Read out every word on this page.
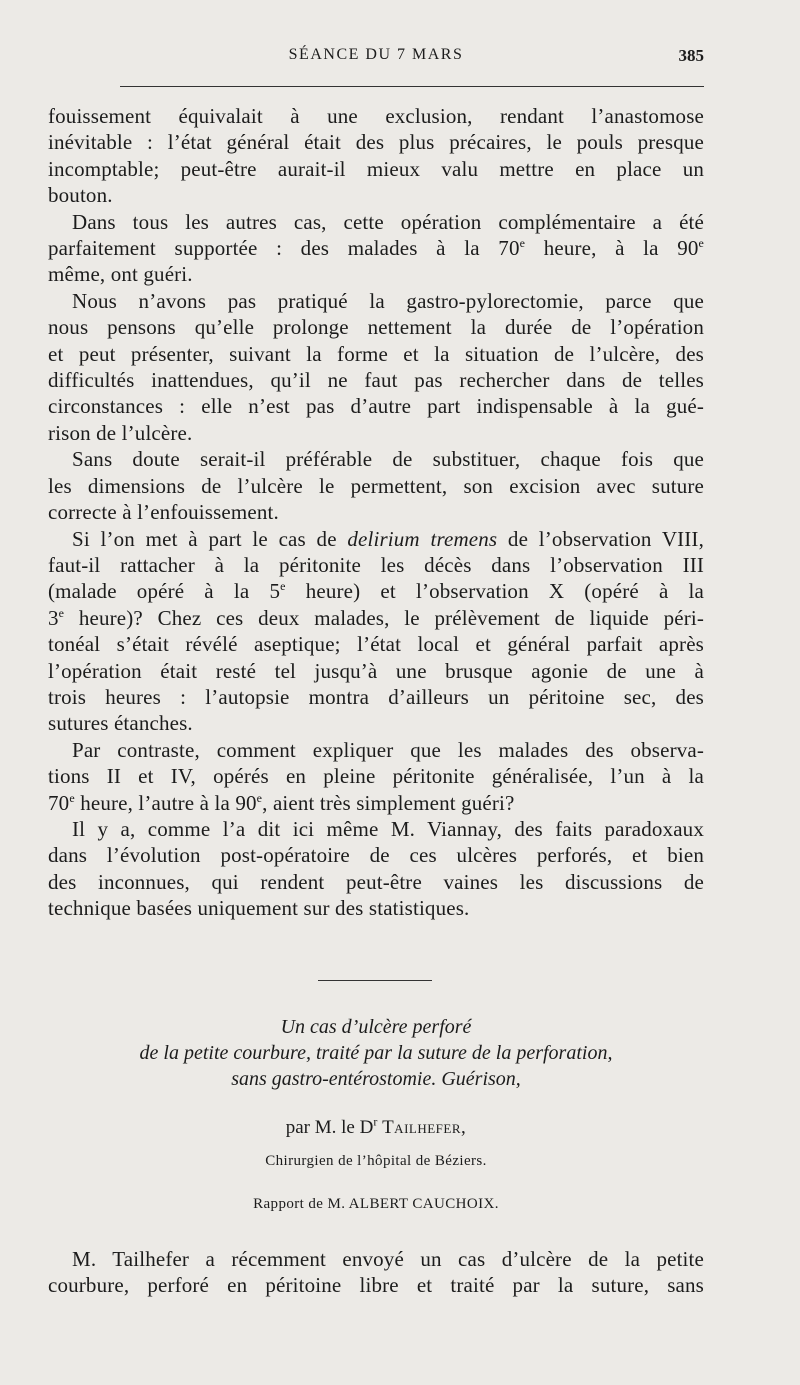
SÉANCE DU 7 MARS	385

fouissement équivalait à une exclusion, rendant l’anastomose
inévitable : l’état général était des plus précaires, le pouls presque
incomptable; peut-être aurait-il mieux valu mettre en place un
bouton.

Dans tous les autres cas, cette opération complémentaire a été
parfaitement supportée : des malades à la 70e heure, à la 90e
même, ont guéri.

Nous n’avons pas pratiqué la gastro-pylorectomie, parce que
nous pensons qu’elle prolonge nettement la durée de l’opération
et peut présenter, suivant la forme et la situation de l’ulcère, des
difficultés inattendues, qu’il ne faut pas rechercher dans de telles
circonstances : elle n’est pas d’autre part indispensable à la gué-
rison de l’ulcère.

Sans doute serait-il préférable de substituer, chaque fois que
les dimensions de l’ulcère le permettent, son excision avec suture
correcte à l’enfouissement.

Si l’on met à part le cas de delirium tremens de l’observation VIII,
faut-il rattacher à la péritonite les décès dans l’observation III
(malade opéré à la 5e heure) et l’observation X (opéré à la
3e heure)? Chez ces deux malades, le prélèvement de liquide péri-
tonéal s’était révélé aseptique; l’état local et général parfait après
l’opération était resté tel jusqu’à une brusque agonie de une à
trois heures : l’autopsie montra d’ailleurs un péritoine sec, des
sutures étanches.

Par contraste, comment expliquer que les malades des observa-
tions II et IV, opérés en pleine péritonite généralisée, l’un à la
70e heure, l’autre à la 90e, aient très simplement guéri?

Il y a, comme l’a dit ici même M. Viannay, des faits paradoxaux
dans l’évolution post-opératoire de ces ulcères perforés, et bien
des inconnues, qui rendent peut-être vaines les discussions de
technique basées uniquement sur des statistiques.

Un cas d’ulcère perforé
de la petite courbure, traité par la suture de la perforation,
sans gastro-entérostomie. Guérison,
par M. le $D^r$ Tailhefer,
Chirurgien de l’hôpital de Béziers.
Rapport de M. ALBERT CAUCHOIX.

M. Tailhefer a récemment envoyé un cas d’ulcère de la petite
courbure, perforé en péritoine libre et traité par la suture, sans
